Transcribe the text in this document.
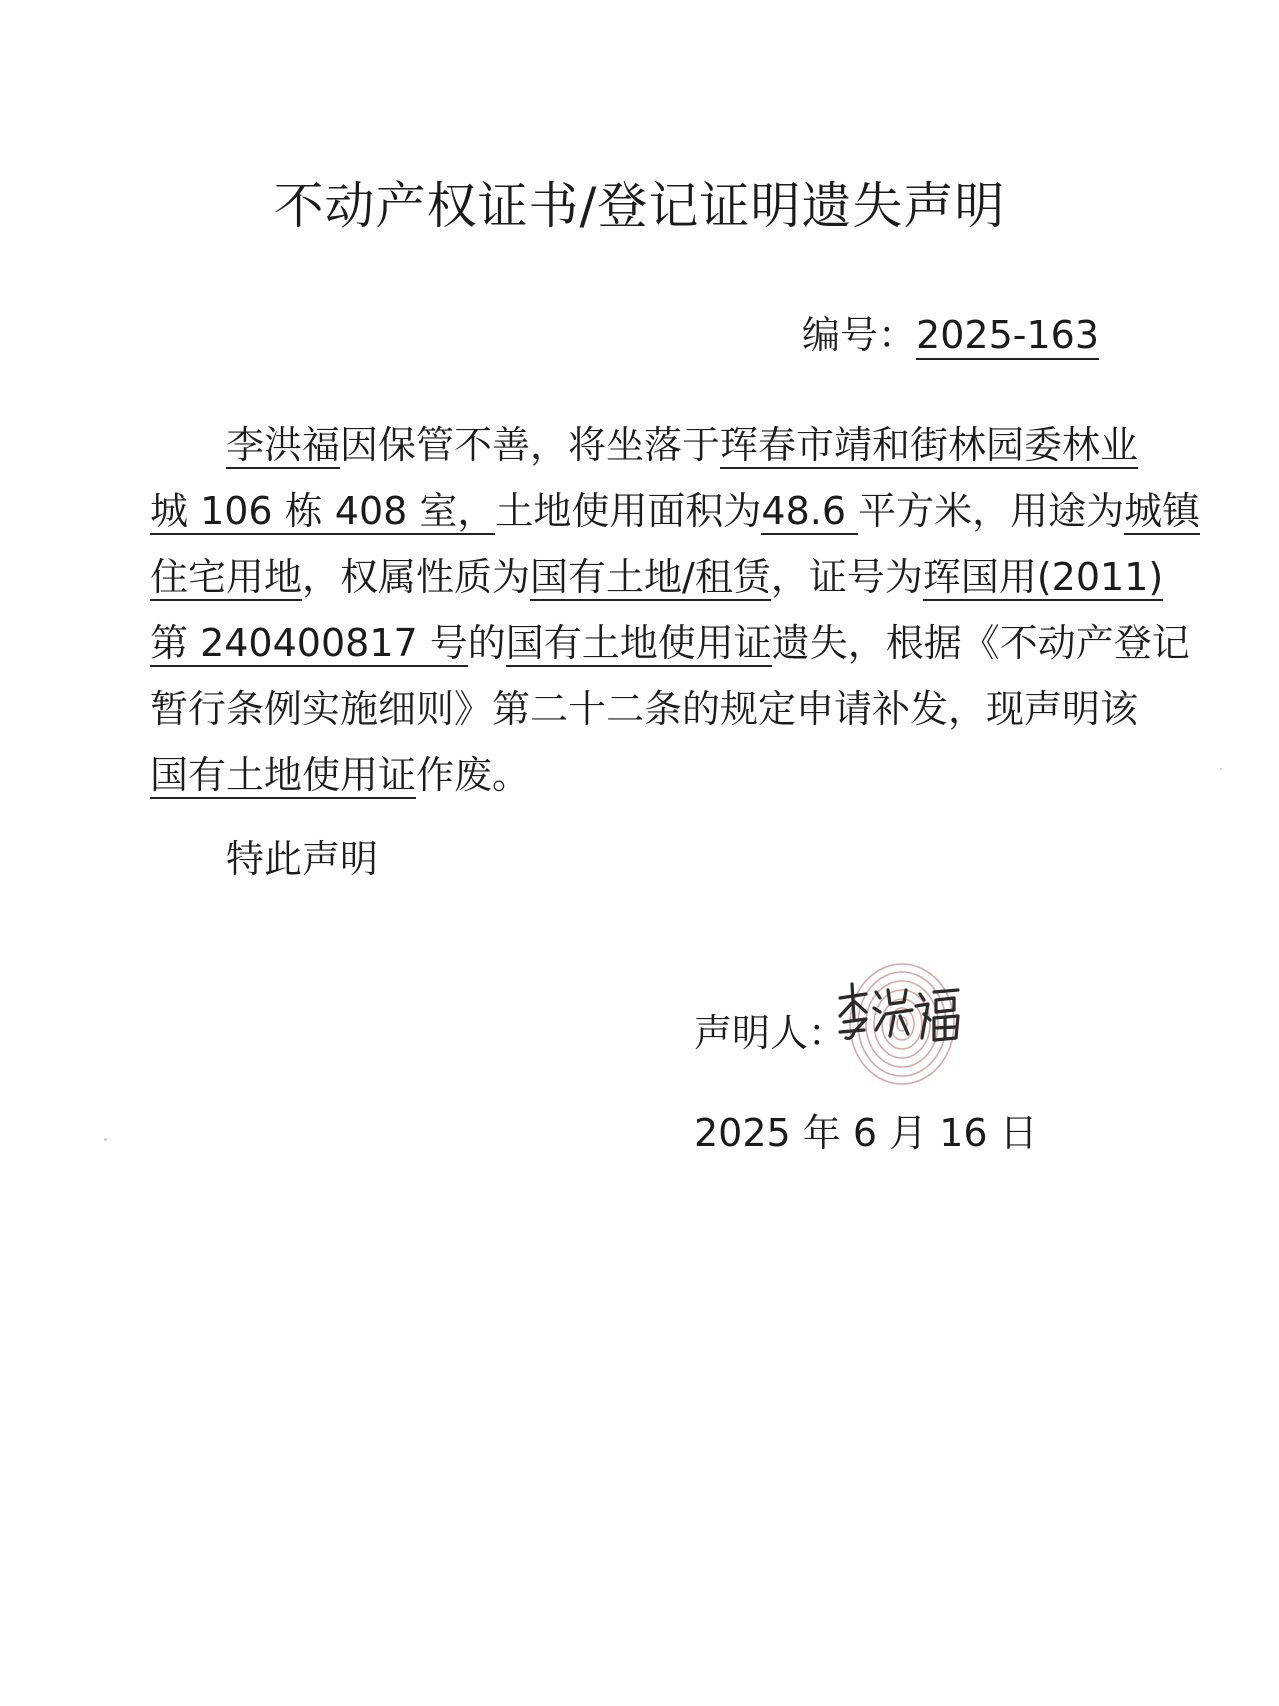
不动产权证书/登记证明遗失声明
编号：2025-163
李洪福因保管不善，将坐落于珲春市靖和街林园委林业
城 106 栋 408 室，土地使用面积为48.6 平方米，用途为城镇
住宅用地，权属性质为国有土地/租赁，证号为珲国用(2011)
第 240400817 号的国有土地使用证遗失，根据《不动产登记
暂行条例实施细则》第二十二条的规定申请补发，现声明该
国有土地使用证作废。
特此声明
声明人：
2025 年 6 月 16 日
